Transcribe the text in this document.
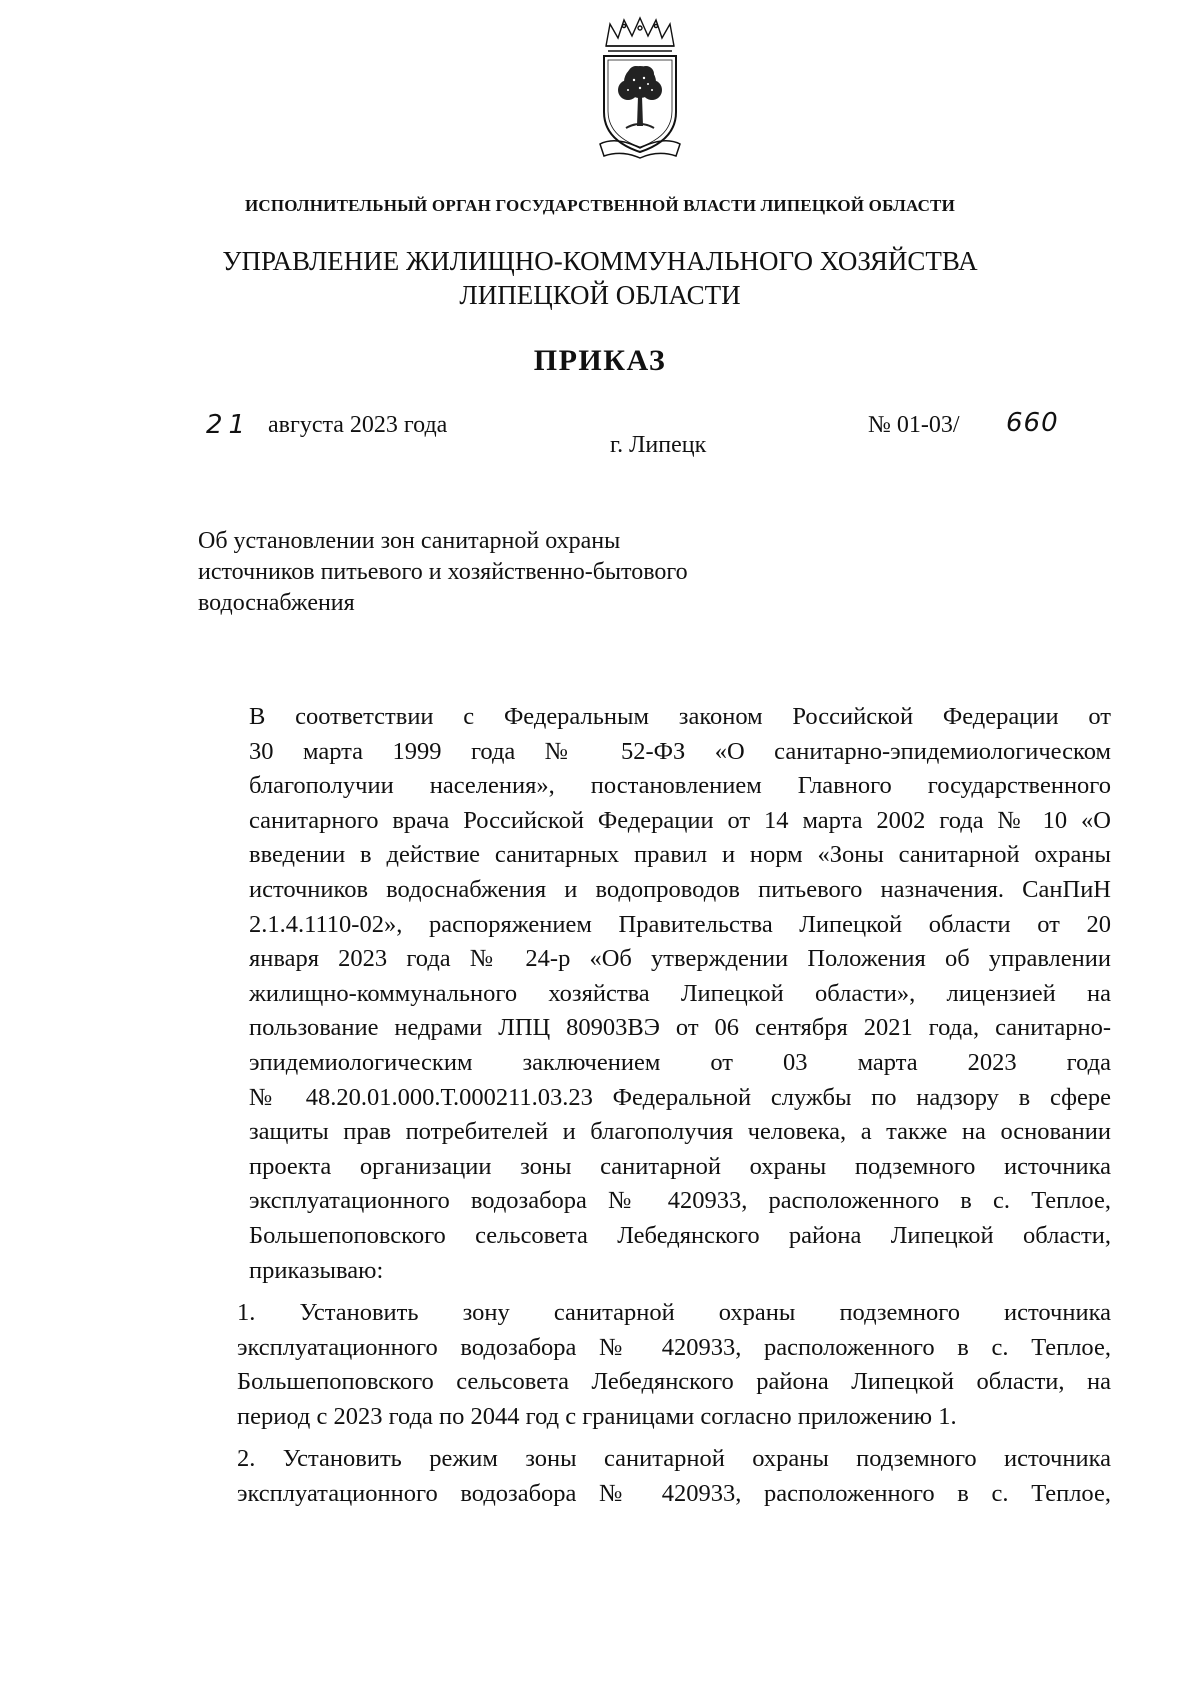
ИСПОЛНИТЕЛЬНЫЙ ОРГАН ГОСУДАРСТВЕННОЙ ВЛАСТИ ЛИПЕЦКОЙ ОБЛАСТИ
УПРАВЛЕНИЕ ЖИЛИЩНО-КОММУНАЛЬНОГО ХОЗЯЙСТВА
ЛИПЕЦКОЙ ОБЛАСТИ
ПРИКАЗ
21 августа 2023 года
г. Липецк
№ 01-03/ 660
Об установлении зон санитарной охраны
источников питьевого и хозяйственно-бытового
водоснабжения

В соответствии с Федеральным законом Российской Федерации от
30 марта 1999 года № 52-ФЗ «О санитарно-эпидемиологическом
благополучии населения», постановлением Главного государственного
санитарного врача Российской Федерации от 14 марта 2002 года № 10 «О
введении в действие санитарных правил и норм «Зоны санитарной охраны
источников водоснабжения и водопроводов питьевого назначения. СанПиН
2.1.4.1110-02», распоряжением Правительства Липецкой области от 20
января 2023 года № 24-р «Об утверждении Положения об управлении
жилищно-коммунального хозяйства Липецкой области», лицензией на
пользование недрами ЛПЦ 80903ВЭ от 06 сентября 2021 года, санитарно-
эпидемиологическим заключением от 03 марта 2023 года
№ 48.20.01.000.Т.000211.03.23 Федеральной службы по надзору в сфере
защиты прав потребителей и благополучия человека, а также на основании
проекта организации зоны санитарной охраны подземного источника
эксплуатационного водозабора № 420933, расположенного в с. Теплое,
Большепоповского сельсовета Лебедянского района Липецкой области,
приказываю:

1. Установить зону санитарной охраны подземного источника
эксплуатационного водозабора № 420933, расположенного в с. Теплое,
Большепоповского сельсовета Лебедянского района Липецкой области, на
период с 2023 года по 2044 год с границами согласно приложению 1.

2. Установить режим зоны санитарной охраны подземного источника
эксплуатационного водозабора № 420933, расположенного в с. Теплое,
